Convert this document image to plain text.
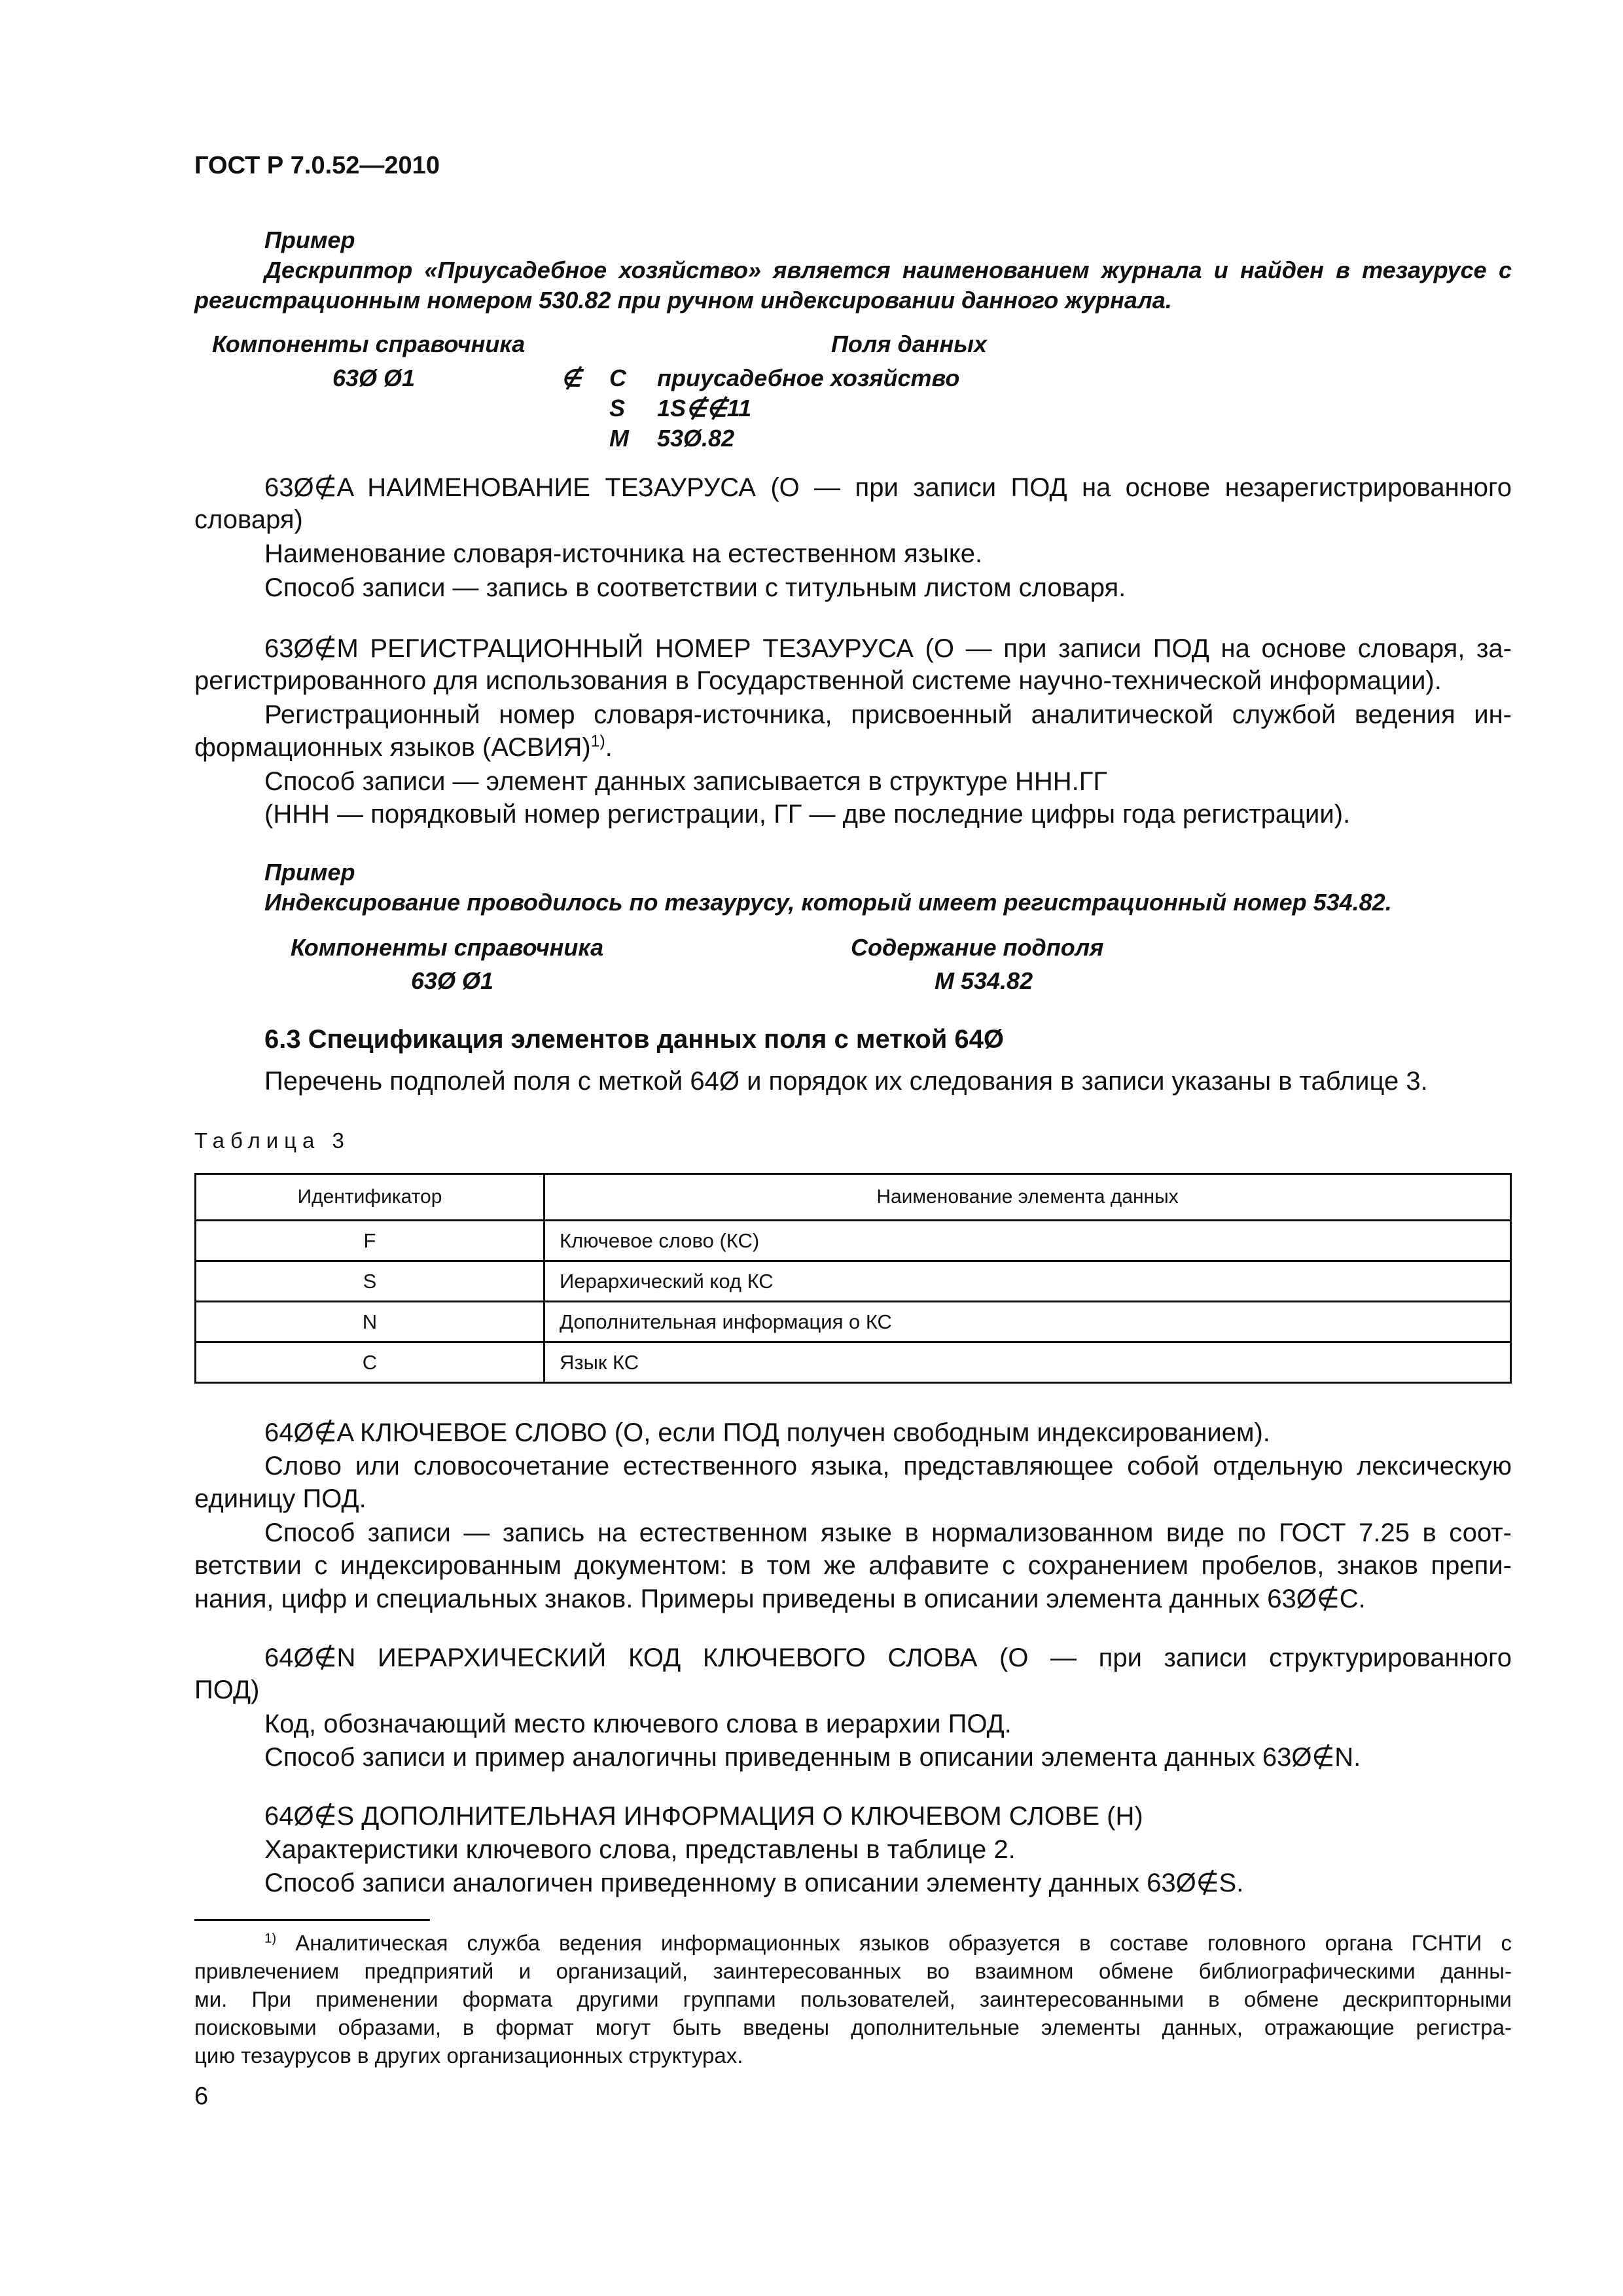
ГОСТ Р 7.0.52—2010
Пример
Дескриптор «Приусадебное хозяйство» является наименованием журнала и найден в тезаурусе с
регистрационным номером 530.82 при ручном индексировании данного журнала.
Компоненты справочника	Поля данных
63Ø Ø1	∉ C приусадебное хозяйство
S 1S∉∉11
M 53Ø.82
63Ø∉A НАИМЕНОВАНИЕ ТЕЗАУРУСА (О — при записи ПОД на основе незарегистрированного
словаря)
Наименование словаря-источника на естественном языке.
Способ записи — запись в соответствии с титульным листом словаря.
63Ø∉M РЕГИСТРАЦИОННЫЙ НОМЕР ТЕЗАУРУСА (О — при записи ПОД на основе словаря, за-
регистрированного для использования в Государственной системе научно-технической информации).
Регистрационный номер словаря-источника, присвоенный аналитической службой ведения ин-
формационных языков (АСВИЯ)$^{1)}$.
Способ записи — элемент данных записывается в структуре ННН.ГГ
(ННН — порядковый номер регистрации, ГГ — две последние цифры года регистрации).
Пример
Индексирование проводилось по тезаурусу, который имеет регистрационный номер 534.82.
Компоненты справочника	Содержание подполя
63Ø Ø1	M 534.82
6.3 Спецификация элементов данных поля с меткой 64Ø
Перечень подполей поля с меткой 64Ø и порядок их следования в записи указаны в таблице 3.
Таблица 3
Идентификатор	Наименование элемента данных
F	Ключевое слово (КС)
S	Иерархический код КС
N	Дополнительная информация о КС
C	Язык КС
64Ø∉A КЛЮЧЕВОЕ СЛОВО (О, если ПОД получен свободным индексированием).
Слово или словосочетание естественного языка, представляющее собой отдельную лексическую
единицу ПОД.
Способ записи — запись на естественном языке в нормализованном виде по ГОСТ 7.25 в соот-
ветствии с индексированным документом: в том же алфавите с сохранением пробелов, знаков препи-
нания, цифр и специальных знаков. Примеры приведены в описании элемента данных 63Ø∉C.
64Ø∉N ИЕРАРХИЧЕСКИЙ КОД КЛЮЧЕВОГО СЛОВА (О — при записи структурированного
ПОД)
Код, обозначающий место ключевого слова в иерархии ПОД.
Способ записи и пример аналогичны приведенным в описании элемента данных 63Ø∉N.
64Ø∉S ДОПОЛНИТЕЛЬНАЯ ИНФОРМАЦИЯ О КЛЮЧЕВОМ СЛОВЕ (Н)
Характеристики ключевого слова, представлены в таблице 2.
Способ записи аналогичен приведенному в описании элементу данных 63Ø∉S.
$^{1)}$ Аналитическая служба ведения информационных языков образуется в составе головного органа ГСНТИ с
привлечением предприятий и организаций, заинтересованных во взаимном обмене библиографическими данны-
ми. При применении формата другими группами пользователей, заинтересованными в обмене дескрипторными
поисковыми образами, в формат могут быть введены дополнительные элементы данных, отражающие регистра-
цию тезаурусов в других организационных структурах.
6
